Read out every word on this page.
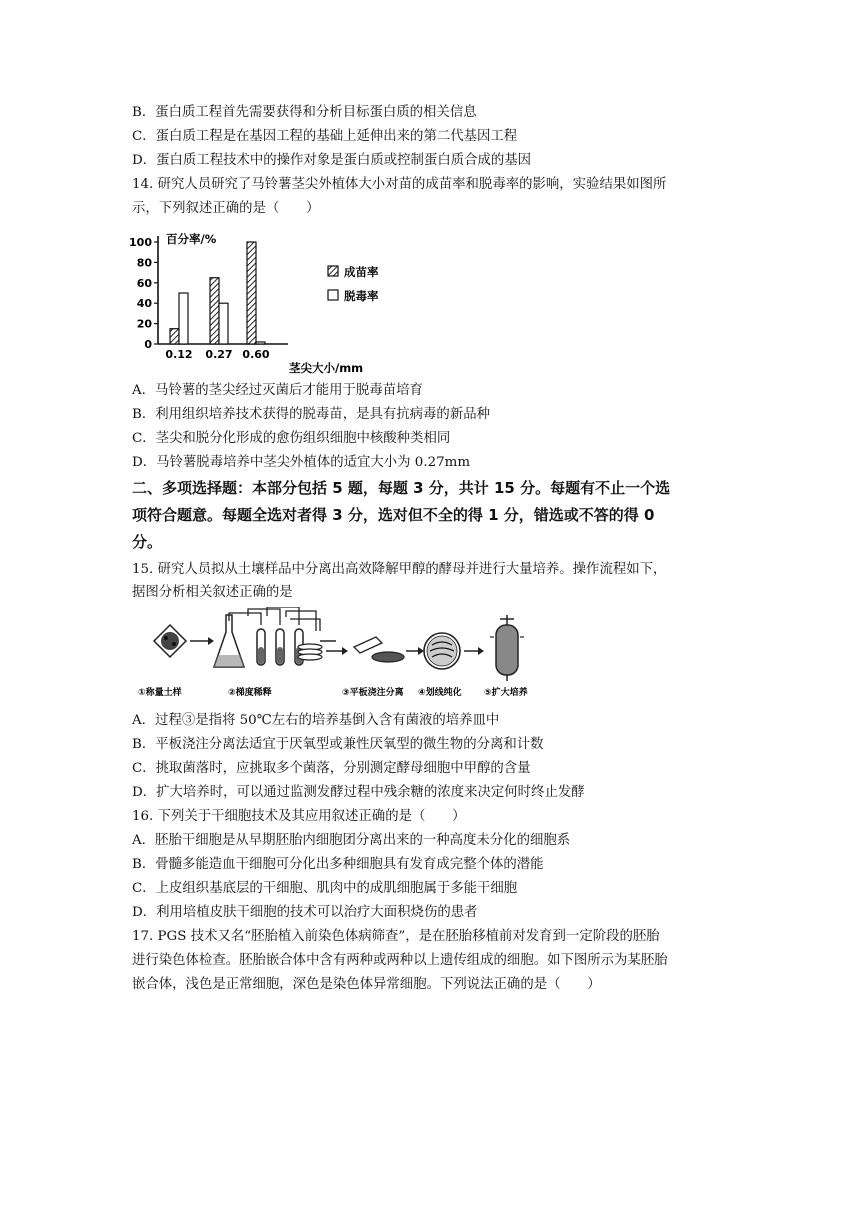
B．蛋白质工程首先需要获得和分析目标蛋白质的相关信息
C．蛋白质工程是在基因工程的基础上延伸出来的第二代基因工程
D．蛋白质工程技术中的操作对象是蛋白质或控制蛋白质合成的基因
14. 研究人员研究了马铃薯茎尖外植体大小对苗的成苗率和脱毒率的影响，实验结果如图所
示，下列叙述正确的是（　　）
0
20
40
60
80
100
0.12 0.27 0.60
百分率/%
茎尖大小/mm
成苗率
脱毒率
A．马铃薯的茎尖经过灭菌后才能用于脱毒苗培育
B．利用组织培养技术获得的脱毒苗，是具有抗病毒的新品种
C．茎尖和脱分化形成的愈伤组织细胞中核酸种类相同
D．马铃薯脱毒培养中茎尖外植体的适宜大小为 0.27mm
二、多项选择题：本部分包括 5 题，每题 3 分，共计 15 分。每题有不止一个选
项符合题意。每题全选对者得 3 分，选对但不全的得 1 分，错选或不答的得 0
分。
15. 研究人员拟从土壤样品中分离出高效降解甲醇的酵母并进行大量培养。操作流程如下，
据图分析相关叙述正确的是
①称量土样	②梯度稀释	③平板浇注分离 ④划线纯化 ⑤扩大培养
A．过程③是指将 50℃左右的培养基倒入含有菌液的培养皿中
B．平板浇注分离法适宜于厌氧型或兼性厌氧型的微生物的分离和计数
C．挑取菌落时，应挑取多个菌落，分别测定酵母细胞中甲醇的含量
D．扩大培养时，可以通过监测发酵过程中残余糖的浓度来决定何时终止发酵
16. 下列关于干细胞技术及其应用叙述正确的是（　　）
A．胚胎干细胞是从早期胚胎内细胞团分离出来的一种高度未分化的细胞系
B．骨髓多能造血干细胞可分化出多种细胞具有发育成完整个体的潜能
C．上皮组织基底层的干细胞、肌肉中的成肌细胞属于多能干细胞
D．利用培植皮肤干细胞的技术可以治疗大面积烧伤的患者
17. PGS 技术又名“胚胎植入前染色体病筛查”，是在胚胎移植前对发育到一定阶段的胚胎
进行染色体检查。胚胎嵌合体中含有两种或两种以上遗传组成的细胞。如下图所示为某胚胎
嵌合体，浅色是正常细胞，深色是染色体异常细胞。下列说法正确的是（　　）
